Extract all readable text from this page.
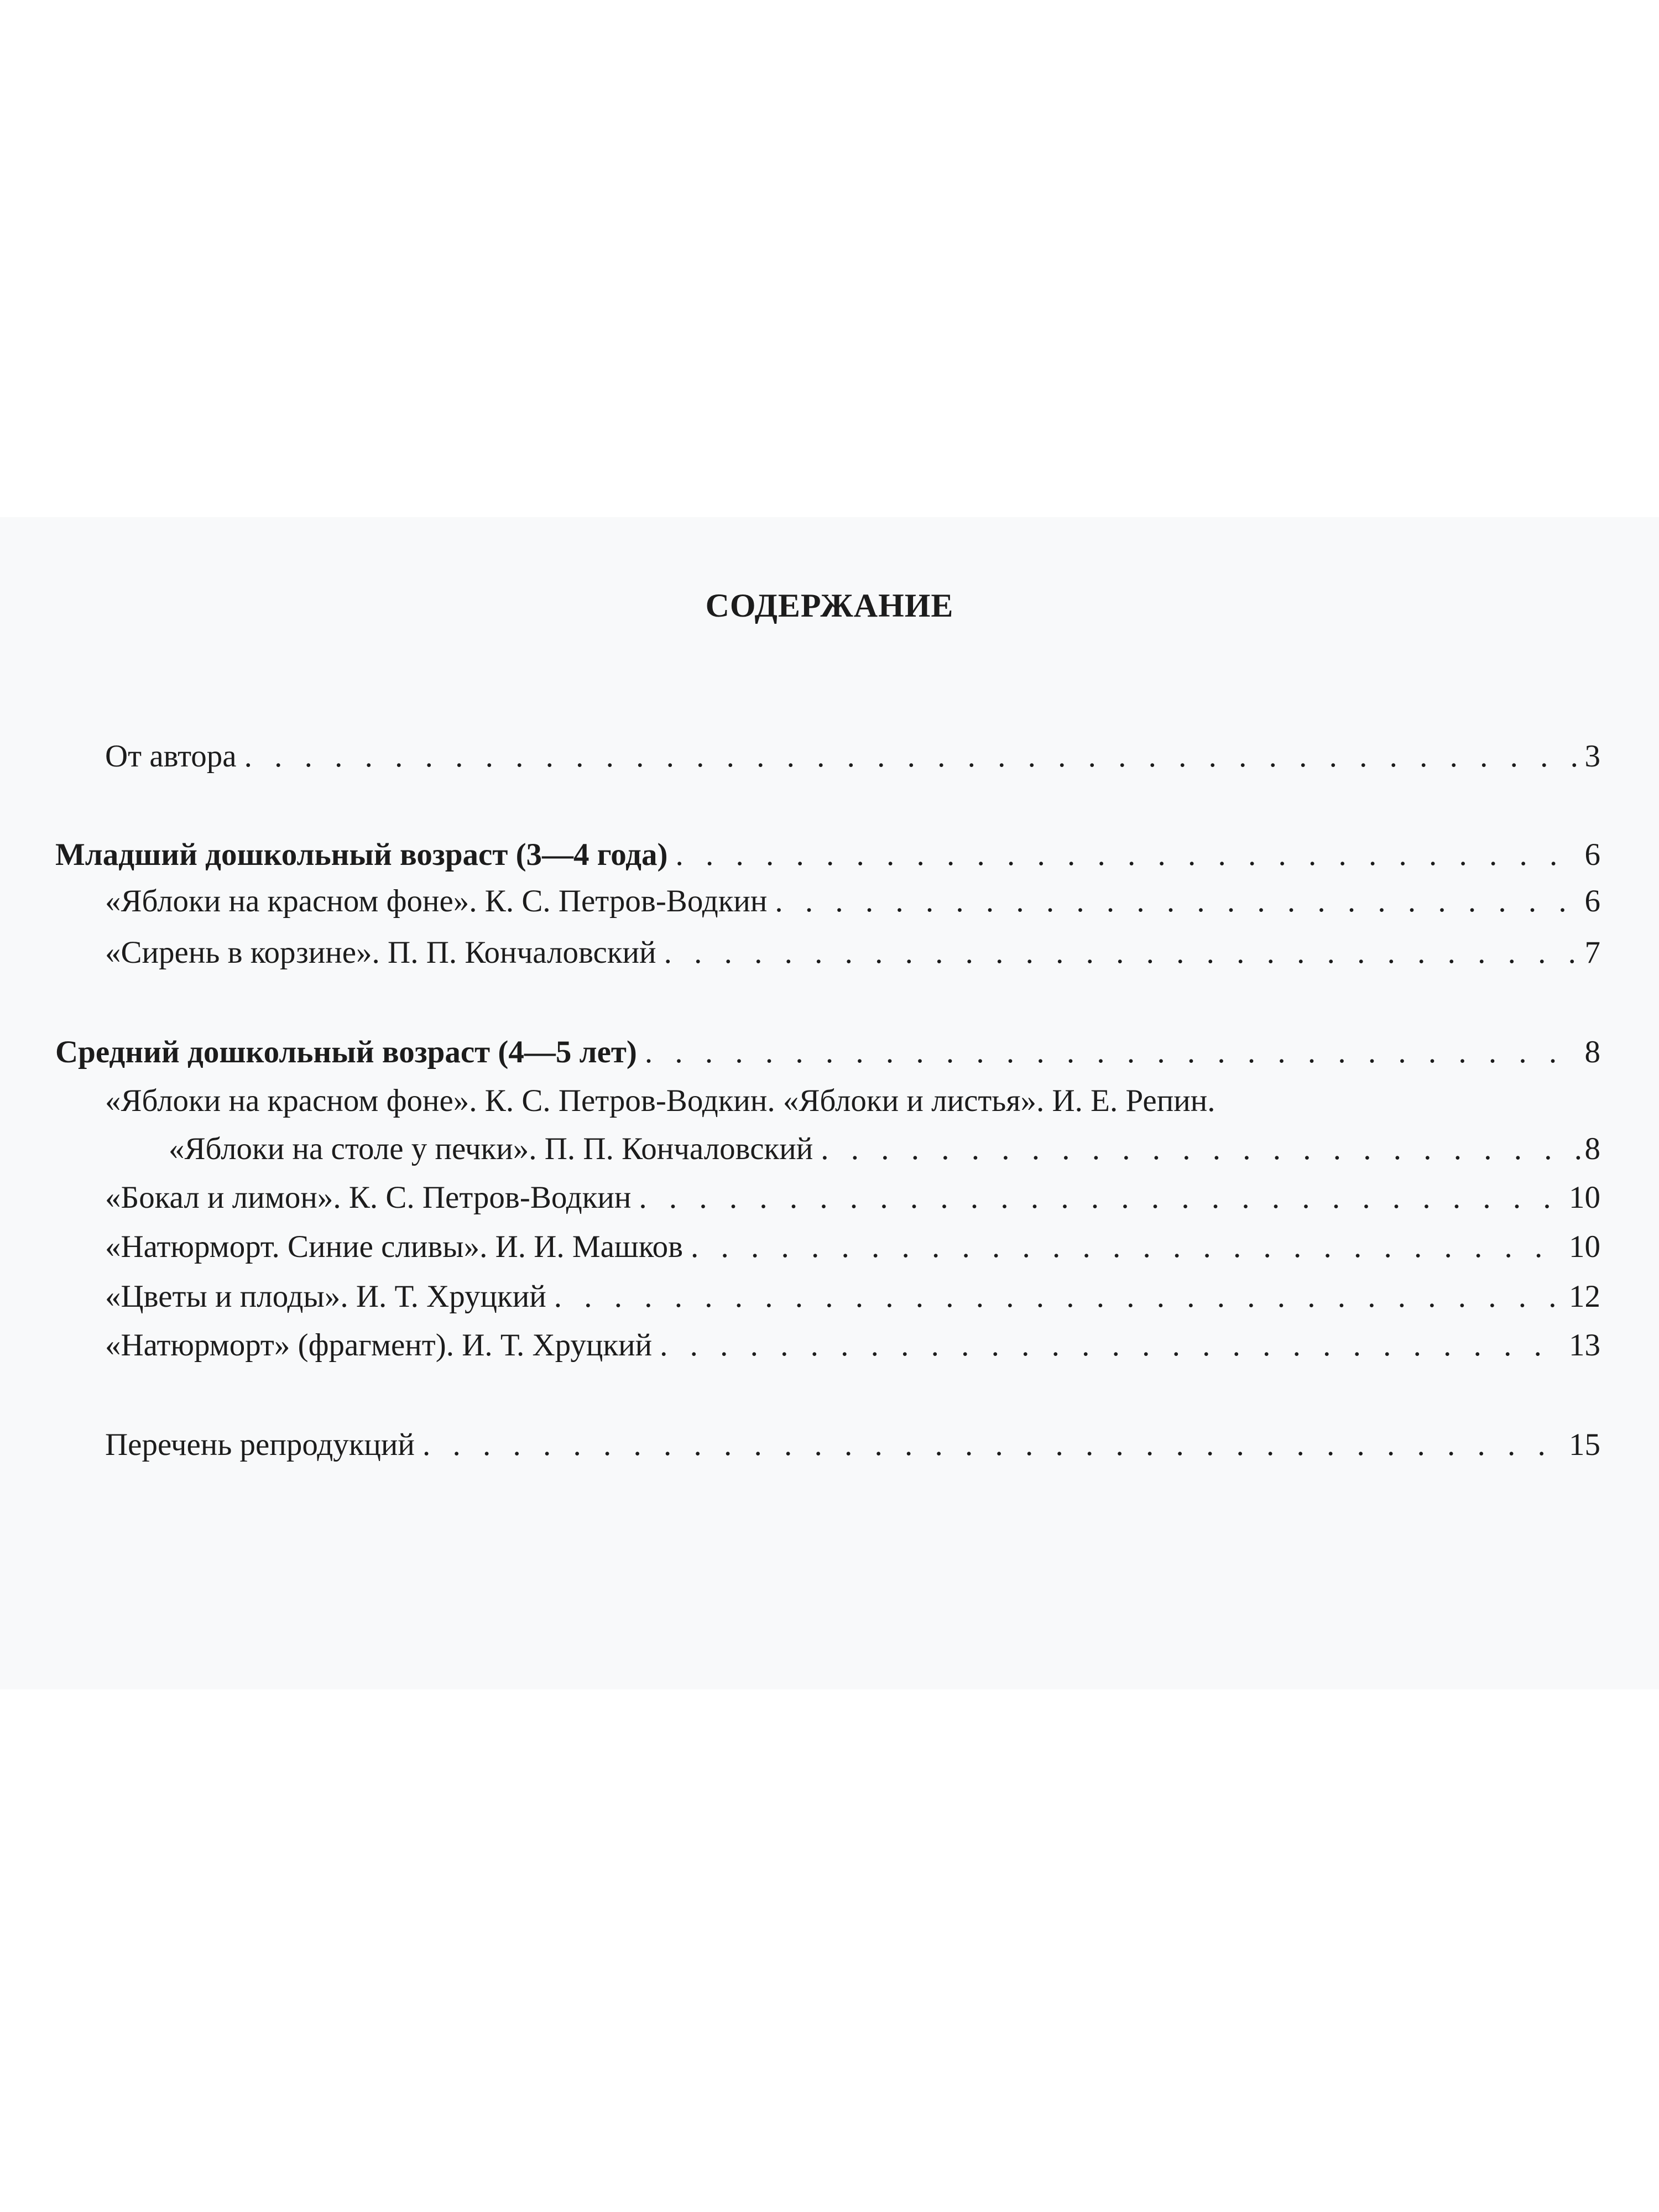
СОДЕРЖАНИЕ
От автора . . .	3
Младший дошкольный возраст (3—4 года) . . .	6
«Яблоки на красном фоне». К. С. Петров-Водкин . . .	6
«Сирень в корзине». П. П. Кончаловский . . .	7
Средний дошкольный возраст (4—5 лет) . . .	8
«Яблоки на красном фоне». К. С. Петров-Водкин. «Яблоки и листья». И. Е. Репин.
«Яблоки на столе у печки». П. П. Кончаловский . . .	8
«Бокал и лимон». К. С. Петров-Водкин . . .	10
«Натюрморт. Синие сливы». И. И. Машков . . .	10
«Цветы и плоды». И. Т. Хруцкий . . .	12
«Натюрморт» (фрагмент). И. Т. Хруцкий . . .	13
Перечень репродукций . . .	15
